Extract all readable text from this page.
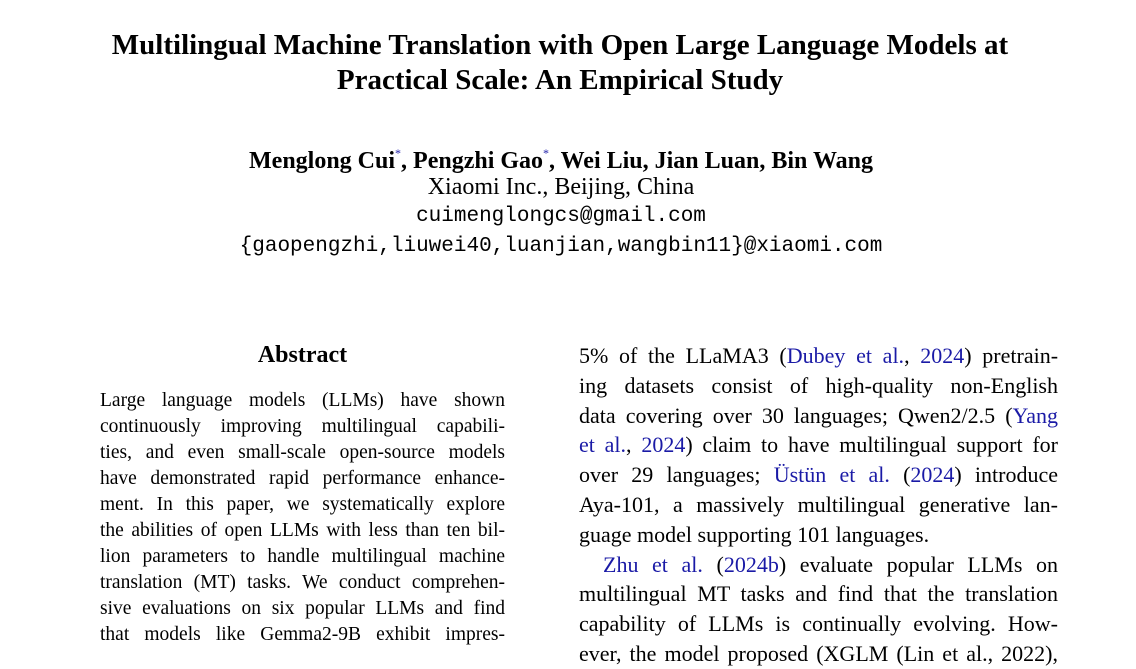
Multilingual Machine Translation with Open Large Language Models at
Practical Scale: An Empirical Study
Menglong Cui*, Pengzhi Gao*, Wei Liu, Jian Luan, Bin Wang
Xiaomi Inc., Beijing, China
cuimenglongcs@gmail.com
{gaopengzhi,liuwei40,luanjian,wangbin11}@xiaomi.com
Abstract
Large language models (LLMs) have shown
continuously improving multilingual capabili-
ties, and even small-scale open-source models
have demonstrated rapid performance enhance-
ment. In this paper, we systematically explore
the abilities of open LLMs with less than ten bil-
lion parameters to handle multilingual machine
translation (MT) tasks. We conduct comprehen-
sive evaluations on six popular LLMs and find
that models like Gemma2-9B exhibit impres-
5% of the LLaMA3 (Dubey et al., 2024) pretrain-
ing datasets consist of high-quality non-English
data covering over 30 languages; Qwen2/2.5 (Yang
et al., 2024) claim to have multilingual support for
over 29 languages; Üstün et al. (2024) introduce
Aya-101, a massively multilingual generative lan-
guage model supporting 101 languages.
Zhu et al. (2024b) evaluate popular LLMs on
multilingual MT tasks and find that the translation
capability of LLMs is continually evolving. How-
ever, the model proposed (XGLM (Lin et al., 2022),
